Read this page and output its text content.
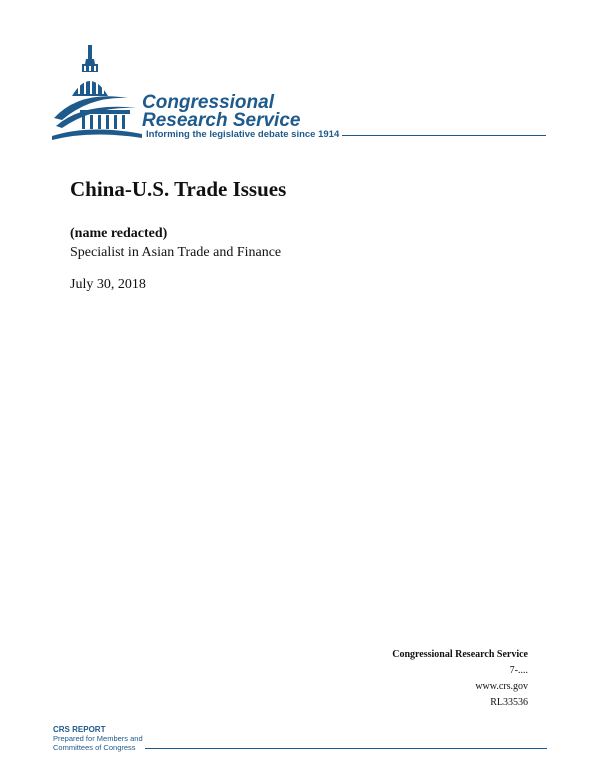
Congressional
Research Service
Informing the legislative debate since 1914
China-U.S. Trade Issues
(name redacted)
Specialist in Asian Trade and Finance
July 30, 2018
Congressional Research Service
7-....
www.crs.gov
RL33536
CRS REPORT
Prepared for Members and
Committees of Congress
